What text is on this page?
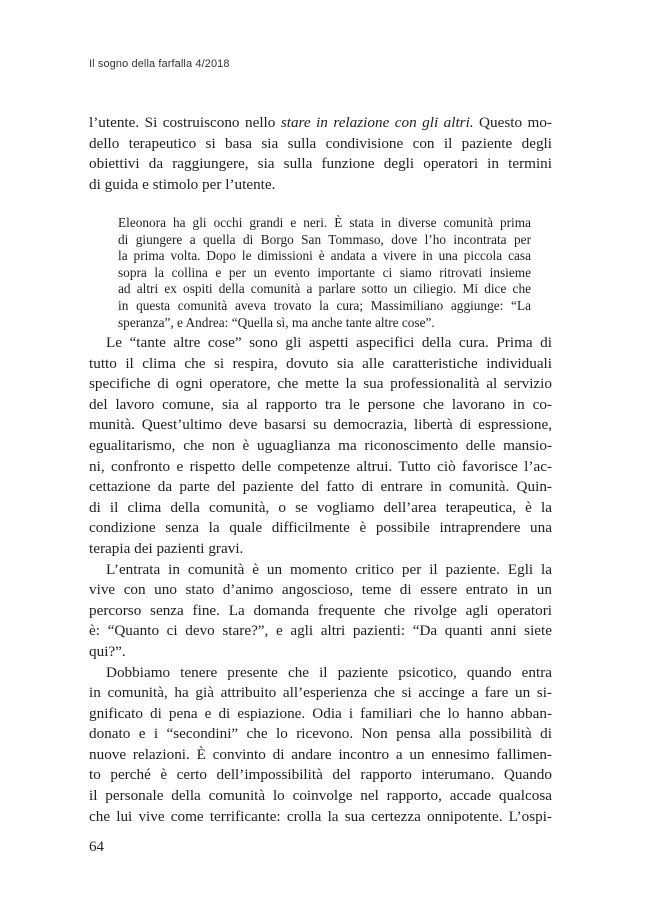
Il sogno della farfalla 4/2018
l’utente. Si costruiscono nello stare in relazione con gli altri. Questo mo-
dello terapeutico si basa sia sulla condivisione con il paziente degli
obiettivi da raggiungere, sia sulla funzione degli operatori in termini
di guida e stimolo per l’utente.
Eleonora ha gli occhi grandi e neri. È stata in diverse comunità prima
di giungere a quella di Borgo San Tommaso, dove l’ho incontrata per
la prima volta. Dopo le dimissioni è andata a vivere in una piccola casa
sopra la collina e per un evento importante ci siamo ritrovati insieme
ad altri ex ospiti della comunità a parlare sotto un ciliegio. Mi dice che
in questa comunità aveva trovato la cura; Massimiliano aggiunge: “La
speranza”, e Andrea: “Quella sì, ma anche tante altre cose”.
Le “tante altre cose” sono gli aspetti aspecifici della cura. Prima di
tutto il clima che si respira, dovuto sia alle caratteristiche individuali
specifiche di ogni operatore, che mette la sua professionalità al servizio
del lavoro comune, sia al rapporto tra le persone che lavorano in co-
munità. Quest’ultimo deve basarsi su democrazia, libertà di espressione,
egualitarismo, che non è uguaglianza ma riconoscimento delle mansio-
ni, confronto e rispetto delle competenze altrui. Tutto ciò favorisce l’ac-
cettazione da parte del paziente del fatto di entrare in comunità. Quin-
di il clima della comunità, o se vogliamo dell’area terapeutica, è la
condizione senza la quale difficilmente è possibile intraprendere una
terapia dei pazienti gravi.
L’entrata in comunità è un momento critico per il paziente. Egli la
vive con uno stato d’animo angoscioso, teme di essere entrato in un
percorso senza fine. La domanda frequente che rivolge agli operatori
è: “Quanto ci devo stare?”, e agli altri pazienti: “Da quanti anni siete
qui?”.
Dobbiamo tenere presente che il paziente psicotico, quando entra
in comunità, ha già attribuito all’esperienza che si accinge a fare un si-
gnificato di pena e di espiazione. Odia i familiari che lo hanno abban-
donato e i “secondini” che lo ricevono. Non pensa alla possibilità di
nuove relazioni. È convinto di andare incontro a un ennesimo fallimen-
to perché è certo dell’impossibilità del rapporto interumano. Quando
il personale della comunità lo coinvolge nel rapporto, accade qualcosa
che lui vive come terrificante: crolla la sua certezza onnipotente. L’ospi-
64
